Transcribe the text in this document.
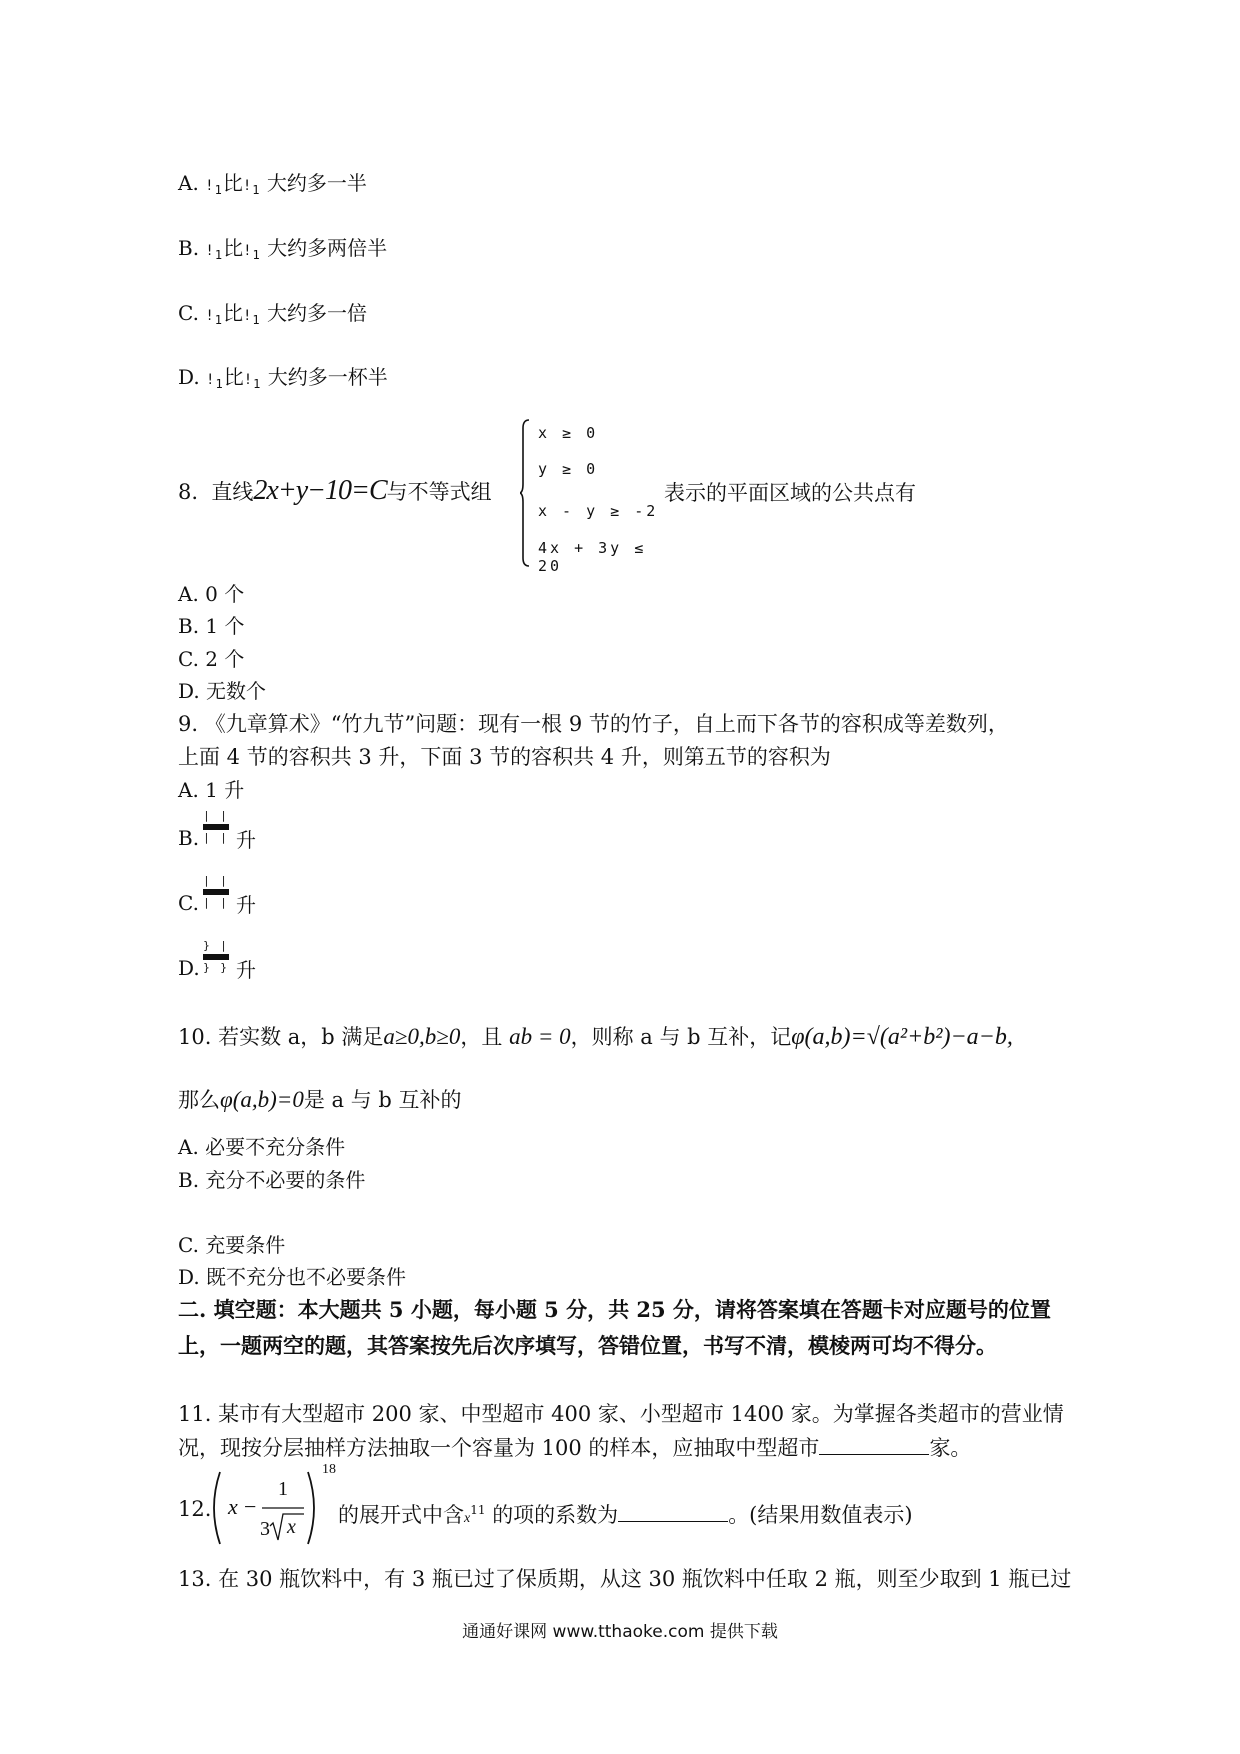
A. $!_1$比$!_1$ 大约多一半
B. $!_1$比$!_1$ 大约多两倍半
C. $!_1$比$!_1$ 大约多一倍
D. $!_1$比$!_1$ 大约多一杯半
8. 直线2x+y−10=C与不等式组
x ≥ 0
y ≥ 0
x - y ≥ -2
4x + 3y ≤ 20
表示的平面区域的公共点有
A. 0 个
B. 1 个
C. 2 个
D. 无数个
9. 《九章算术》“竹九节”问题：现有一根 9 节的竹子，自上而下各节的容积成等差数列，
上面 4 节的容积共 3 升，下面 3 节的容积共 4 升，则第五节的容积为
A. 1 升
B.
| |
| | 升
C.
| |
| | 升
D.
} |
} } 升
10. 若实数 a，b 满足a≥0,b≥0，且 ab = 0，则称 a 与 b 互补，记φ(a,b)=√(a²+b²)−a−b,
那么φ(a,b)=0是 a 与 b 互补的
A. 必要不充分条件
B. 充分不必要的条件
C. 充要条件
D. 既不充分也不必要条件
二. 填空题：本大题共 5 小题，每小题 5 分，共 25 分，请将答案填在答题卡对应题号的位置
上，一题两空的题，其答案按先后次序填写，答错位置，书写不清，模棱两可均不得分。
11. 某市有大型超市 200 家、中型超市 400 家、小型超市 1400 家。为掌握各类超市的营业情
况，现按分层抽样方法抽取一个容量为 100 的样本，应抽取中型超市	家。
12. x −
1
3 x
18
的展开式中含$x^{11}$ 的项的系数为	。(结果用数值表示)
13. 在 30 瓶饮料中，有 3 瓶已过了保质期，从这 30 瓶饮料中任取 2 瓶，则至少取到 1 瓶已过
通通好课网 www.tthaoke.com 提供下载
